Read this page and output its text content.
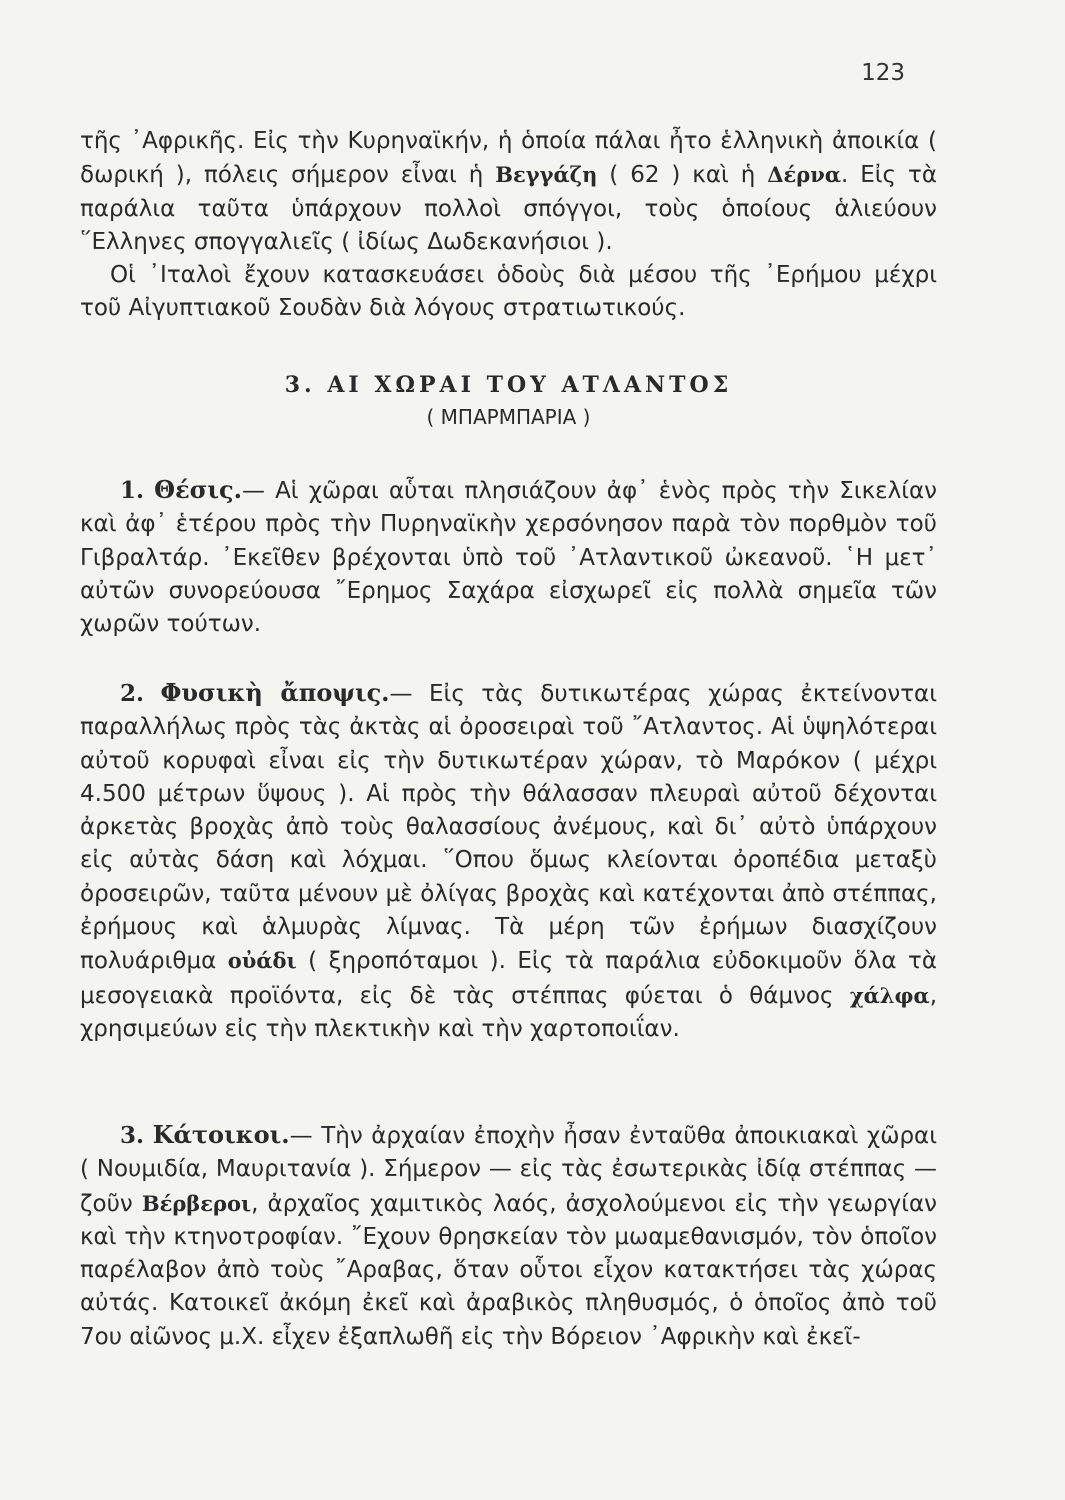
123

τῆς ᾿Αφρικῆς. Εἰς τὴν Κυρηναϊκήν, ἡ ὁποία πάλαι ἦτο ἑλληνικὴ ἀποικία ( δωρική ), πόλεις σήμερον εἶναι ἡ Βεγγάζη ( 62 ) καὶ ἡ Δέρνα. Εἰς τὰ παράλια ταῦτα ὑπάρχουν πολλοὶ σπόγγοι, τοὺς ὁποίους ἁλιεύουν ῞Ελληνες σπογγαλιεῖς ( ἰδίως Δωδεκανήσιοι ).

Οἱ ᾿Ιταλοὶ ἔχουν κατασκευάσει ὁδοὺς διὰ μέσου τῆς ᾿Ερήμου μέχρι τοῦ Αἰγυπτιακοῦ Σουδὰν διὰ λόγους στρατιωτικούς.

3. ΑΙ ΧΩΡΑΙ ΤΟΥ ΑΤΛΑΝΤΟΣ
( ΜΠΑΡΜΠΑΡΙΑ )

1. Θέσις.— Αἱ χῶραι αὗται πλησιάζουν ἀφ᾿ ἑνὸς πρὸς τὴν Σικελίαν καὶ ἀφ᾿ ἑτέρου πρὸς τὴν Πυρηναϊκὴν χερσόνησον παρὰ τὸν πορθμὸν τοῦ Γιβραλτάρ. ᾿Εκεῖθεν βρέχονται ὑπὸ τοῦ ᾿Ατλαντικοῦ ὠκεανοῦ. ῾Η μετ᾿ αὐτῶν συνορεύουσα ῎Ερημος Σαχάρα εἰσχωρεῖ εἰς πολλὰ σημεῖα τῶν χωρῶν τούτων.

2. Φυσικὴ ἄποψις.— Εἰς τὰς δυτικωτέρας χώρας ἐκτείνονται παραλλήλως πρὸς τὰς ἀκτὰς αἱ ὀροσειραὶ τοῦ ῎Ατλαντος. Αἱ ὑψηλότεραι αὐτοῦ κορυφαὶ εἶναι εἰς τὴν δυτικωτέραν χώραν, τὸ Μαρόκον ( μέχρι 4.500 μέτρων ὕψους ). Αἱ πρὸς τὴν θάλασσαν πλευραὶ αὐτοῦ δέχονται ἀρκετὰς βροχὰς ἀπὸ τοὺς θαλασσίους ἀνέμους, καὶ δι᾿ αὐτὸ ὑπάρχουν εἰς αὐτὰς δάση καὶ λόχμαι. ῞Οπου ὅμως κλείονται ὀροπέδια μεταξὺ ὀροσειρῶν, ταῦτα μένουν μὲ ὀλίγας βροχὰς καὶ κατέχονται ἀπὸ στέππας, ἐρήμους καὶ ἁλμυρὰς λίμνας. Τὰ μέρη τῶν ἐρήμων διασχίζουν πολυάριθμα οὐάδι ( ξηροπόταμοι ). Εἰς τὰ παράλια εὐδοκιμοῦν ὅλα τὰ μεσογειακὰ προϊόντα, εἰς δὲ τὰς στέππας φύεται ὁ θάμνος χάλφα, χρησιμεύων εἰς τὴν πλεκτικὴν καὶ τὴν χαρτοποιΐαν.

3. Κάτοικοι.— Τὴν ἀρχαίαν ἐποχὴν ἦσαν ἐνταῦθα ἀποικιακαὶ χῶραι ( Νουμιδία, Μαυριτανία ). Σήμερον — εἰς τὰς ἐσωτερικὰς ἰδίᾳ στέππας — ζοῦν Βέρβεροι, ἀρχαῖος χαμιτικὸς λαός, ἀσχολούμενοι εἰς τὴν γεωργίαν καὶ τὴν κτηνοτροφίαν. ῎Εχουν θρησκείαν τὸν μωαμεθανισμόν, τὸν ὁποῖον παρέλαβον ἀπὸ τοὺς ῎Αραβας, ὅταν οὗτοι εἶχον κατακτήσει τὰς χώρας αὐτάς. Κατοικεῖ ἀκόμη ἐκεῖ καὶ ἀραβικὸς πληθυσμός, ὁ ὁποῖος ἀπὸ τοῦ 7ου αἰῶνος μ.Χ. εἶχεν ἐξαπλωθῆ εἰς τὴν Βόρειον ᾿Αφρικὴν καὶ ἐκεῖ-
